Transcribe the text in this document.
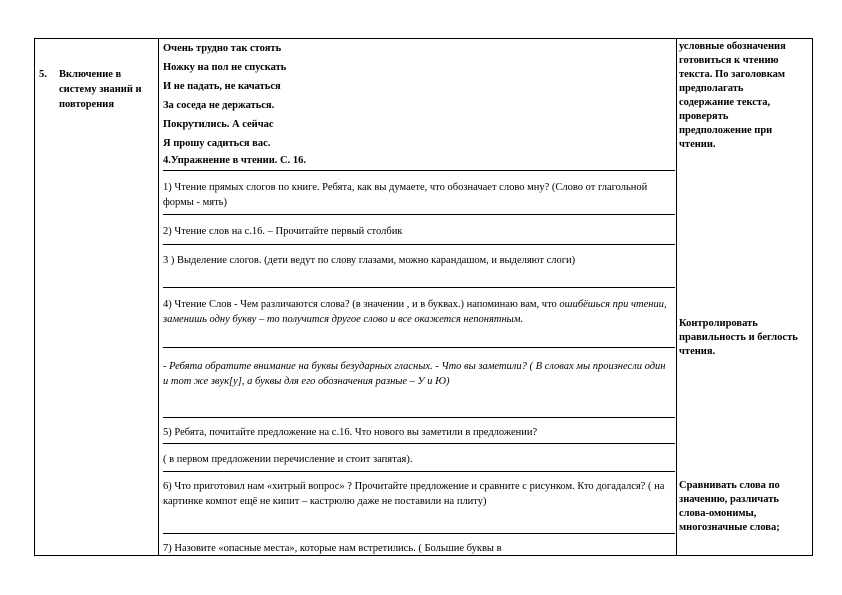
5. Включение в систему знаний и повторения
Очень трудно так стоять
Ножку на пол не спускать
И не падать, не качаться
За соседа не держаться.
Покрутились. А сейчас
Я прошу садиться вас.
4.Упражнение в чтении. С. 16.
1) Чтение прямых слогов по книге. Ребята, как вы думаете, что обозначает слово мну? (Слово от глагольной формы - мять)
2) Чтение слов на с.16. – Прочитайте первый столбик
3 ) Выделение слогов. (дети ведут по слову глазами, можно карандашом, и выделяют слоги)
4) Чтение Слов - Чем различаются слова? (в значении , и в буквах.) напоминаю вам, что ошибёшься при чтении, заменишь одну букву – то получится другое слово и все окажется непонятным.
- Ребята обратите внимание на буквы безударных гласных. - Что вы заметили? ( В словах мы произнесли один и тот же звук[у], а буквы для его обозначения разные – У и Ю)
5) Ребята, почитайте предложение на с.16. Что нового вы заметили в предложении?
( в первом предложении перечисление и стоит запятая).
6) Что приготовил нам «хитрый вопрос» ? Прочитайте предложение и сравните с рисунком. Кто догадался? ( на картинке компот ещё не кипит – кастрюлю даже не поставили на плиту)
7) Назовите «опасные места», которые нам встретились. ( Большие буквы в
условные обозначения готовиться к чтению текста. По заголовкам предполагать содержание текста, проверять предположение при чтении.
Контролировать правильность и беглость чтения.
Сравнивать слова по значению, различать слова-омонимы, многозначные слова;
